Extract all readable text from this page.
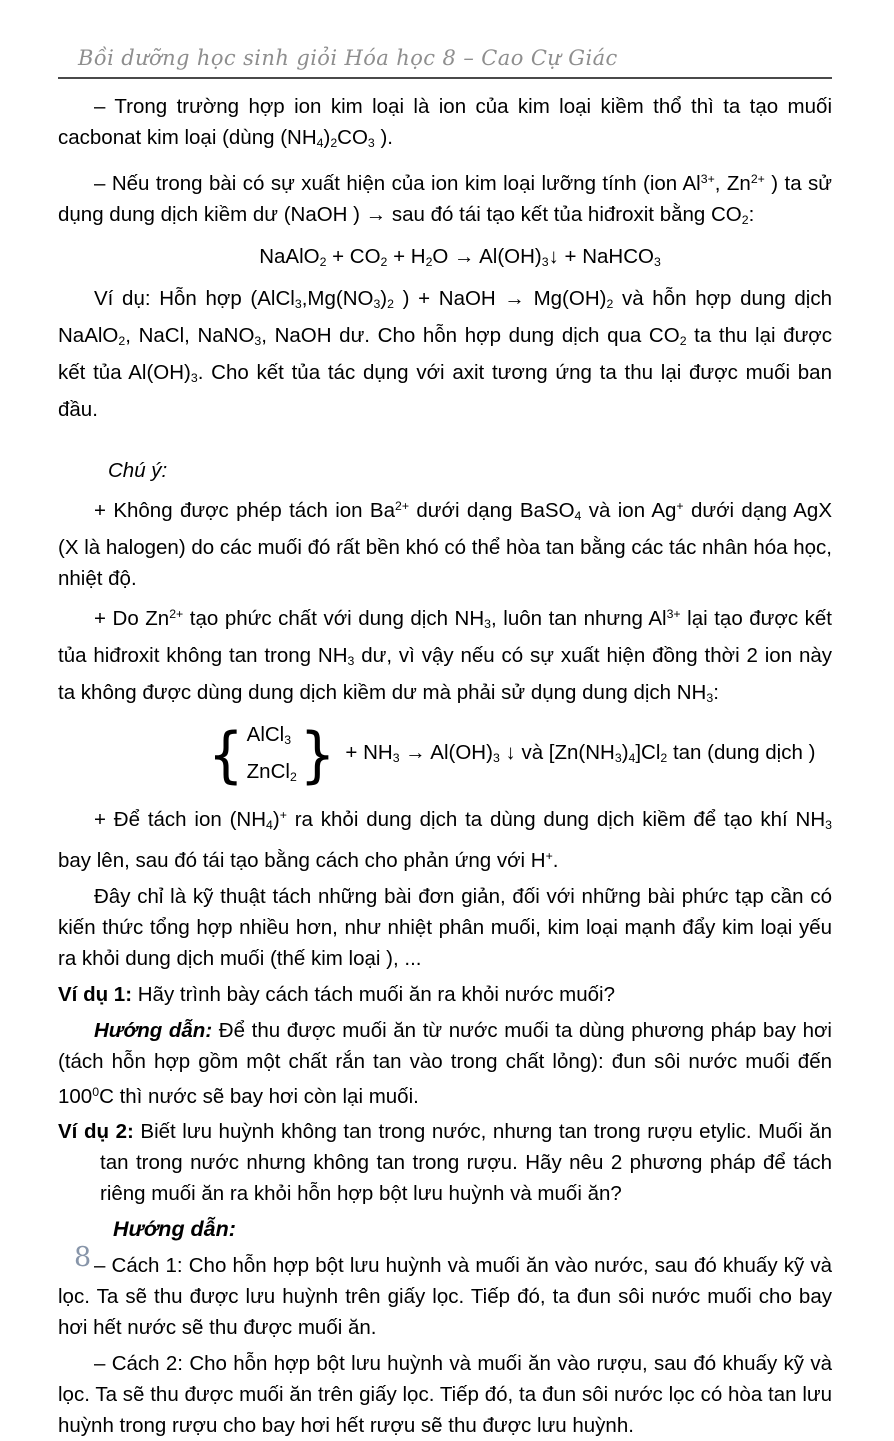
Bồi dưỡng học sinh giỏi Hóa học 8 – Cao Cự Giác

– Trong trường hợp ion kim loại là ion của kim loại kiềm thổ thì ta tạo muối cacbonat kim loại (dùng $(NH_4)_2CO_3$ ).

– Nếu trong bài có sự xuất hiện của ion kim loại lưỡng tính (ion $Al^{3+}$, $Zn^{2+}$ ) ta sử dụng dung dịch kiềm dư (NaOH ) → sau đó tái tạo kết tủa hiđroxit bằng $CO_2$:

NaAlO$_2$ + $CO_2 + H_2O$ → $Al(OH)_3↓$ + NaHCO$_3$

Ví dụ: Hỗn hợp ($AlCl_3,Mg(NO_3)_2$ ) + NaOH → $Mg(OH)_2$ và hỗn hợp dung dịch NaAlO$_2$, NaCl, NaNO$_3$, NaOH dư. Cho hỗn hợp dung dịch qua $CO_2$ ta thu lại được kết tủa $Al(OH)_3$. Cho kết tủa tác dụng với axit tương ứng ta thu lại được muối ban đầu.

Chú ý:

+ Không được phép tách ion $Ba^{2+}$ dưới dạng BaSO$_4$ và ion Ag+ dưới dạng AgX (X là halogen) do các muối đó rất bền khó có thể hòa tan bằng các tác nhân hóa học, nhiệt độ.

+ Do $Zn^{2+}$ tạo phức chất với dung dịch $NH_3$, luôn tan nhưng $Al^{3+}$ lại tạo được kết tủa hiđroxit không tan trong $NH_3$ dư, vì vậy nếu có sự xuất hiện đồng thời 2 ion này ta không được dùng dung dịch kiềm dư mà phải sử dụng dung dịch $NH_3$:

{ AlCl$_3$
ZnCl$_2$ } + $NH_3 \to Al(OH)_3$ ↓ và $[Zn(NH_3)_4]Cl_2$ tan (dung dịch )

+ Để tách ion $(NH_4)^+$ ra khỏi dung dịch ta dùng dung dịch kiềm để tạo khí $NH_3$ bay lên, sau đó tái tạo bằng cách cho phản ứng với H+.

Đây chỉ là kỹ thuật tách những bài đơn giản, đối với những bài phức tạp cần có kiến thức tổng hợp nhiều hơn, như nhiệt phân muối, kim loại mạnh đẩy kim loại yếu ra khỏi dung dịch muối (thế kim loại ), ...

Ví dụ 1: Hãy trình bày cách tách muối ăn ra khỏi nước muối?

Hướng dẫn: Để thu được muối ăn từ nước muối ta dùng phương pháp bay hơi (tách hỗn hợp gồm một chất rắn tan vào trong chất lỏng): đun sôi nước muối đến $100^0C$ thì nước sẽ bay hơi còn lại muối.

Ví dụ 2: Biết lưu huỳnh không tan trong nước, nhưng tan trong rượu etylic. Muối ăn tan trong nước nhưng không tan trong rượu. Hãy nêu 2 phương pháp để tách riêng muối ăn ra khỏi hỗn hợp bột lưu huỳnh và muối ăn?

Hướng dẫn:

– Cách 1: Cho hỗn hợp bột lưu huỳnh và muối ăn vào nước, sau đó khuấy kỹ và lọc. Ta sẽ thu được lưu huỳnh trên giấy lọc. Tiếp đó, ta đun sôi nước muối cho bay hơi hết nước sẽ thu được muối ăn.

– Cách 2: Cho hỗn hợp bột lưu huỳnh và muối ăn vào rượu, sau đó khuấy kỹ và lọc. Ta sẽ thu được muối ăn trên giấy lọc. Tiếp đó, ta đun sôi nước lọc có hòa tan lưu huỳnh trong rượu cho bay hơi hết rượu sẽ thu được lưu huỳnh.

8
